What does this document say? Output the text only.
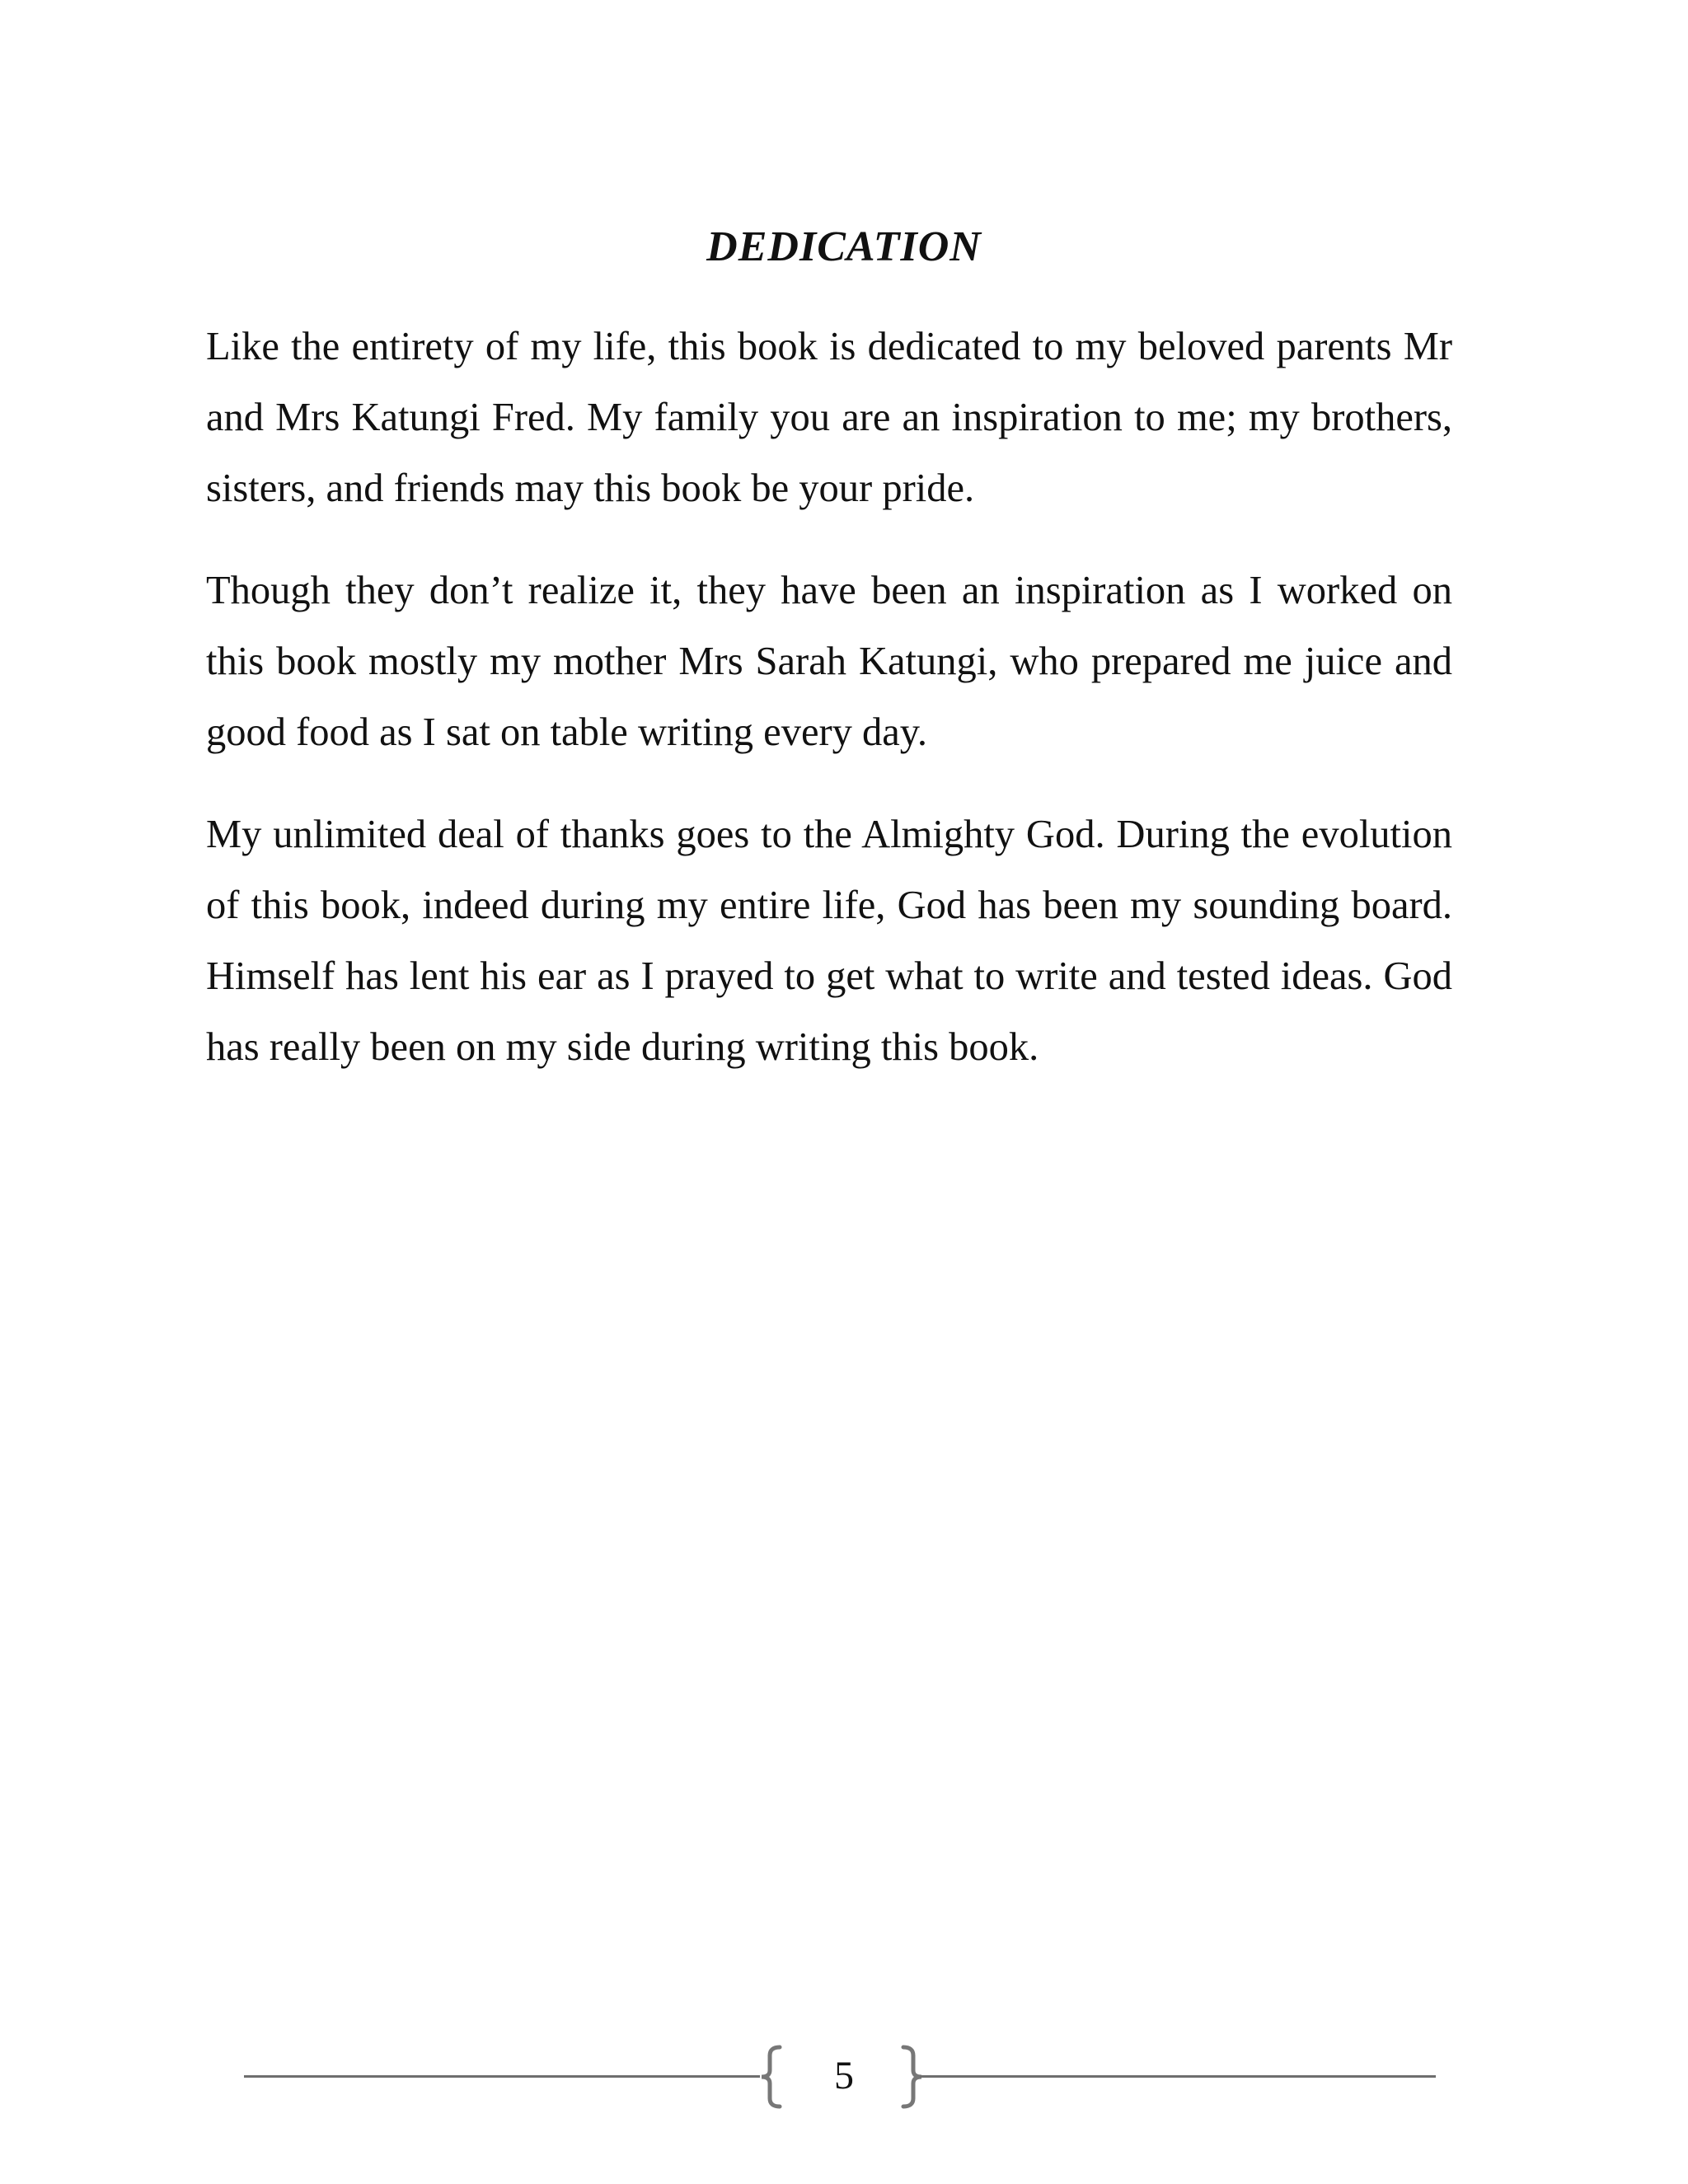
DEDICATION

Like the entirety of my life, this book is dedicated to my beloved parents Mr and Mrs Katungi Fred. My family you are an inspiration to me; my brothers, sisters, and friends may this book be your pride.

Though they don’t realize it, they have been an inspiration as I worked on this book mostly my mother Mrs Sarah Katungi, who prepared me juice and good food as I sat on table writing every day.

My unlimited deal of thanks goes to the Almighty God. During the evolution of this book, indeed during my entire life, God has been my sounding board. Himself has lent his ear as I prayed to get what to write and tested ideas. God has really been on my side during writing this book.

5
